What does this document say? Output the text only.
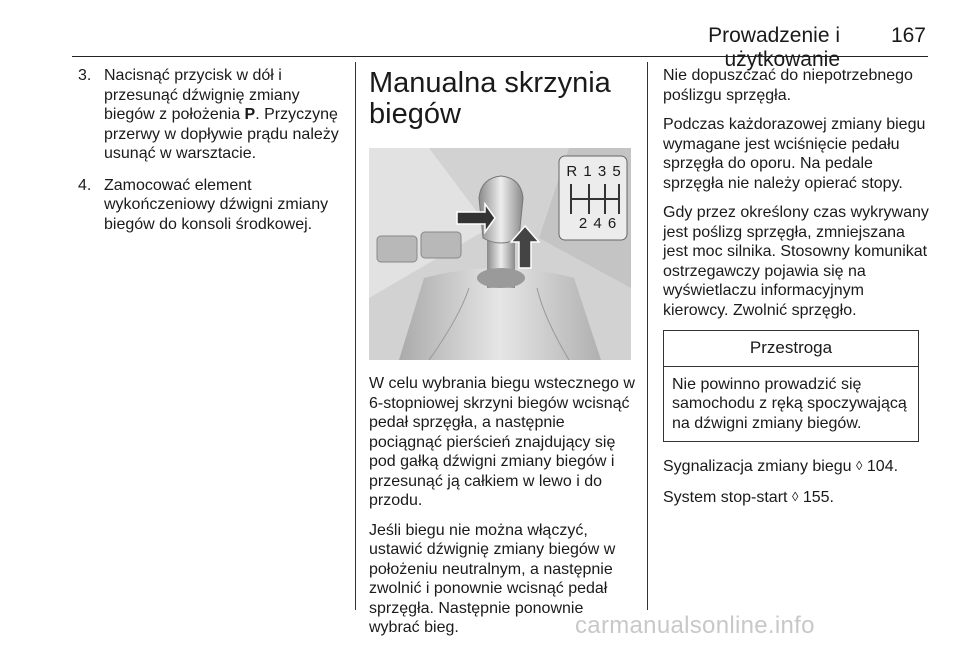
Prowadzenie i użytkowanie
167
3. Nacisnąć przycisk w dół i przesunąć dźwignię zmiany biegów z położenia P. Przyczynę przerwy w dopływie prądu należy usunąć w warsztacie.
4. Zamocować element wykończeniowy dźwigni zmiany biegów do konsoli środkowej.
Manualna skrzynia biegów
R 1 3 5
2 4 6

W celu wybrania biegu wstecznego w 6-stopniowej skrzyni biegów wcisnąć pedał sprzęgła, a następnie pociągnąć pierścień znajdujący się pod gałką dźwigni zmiany biegów i przesunąć ją całkiem w lewo i do przodu.

Jeśli biegu nie można włączyć, ustawić dźwignię zmiany biegów w położeniu neutralnym, a następnie zwolnić i ponownie wcisnąć pedał sprzęgła. Następnie ponownie wybrać bieg.

Nie dopuszczać do niepotrzebnego poślizgu sprzęgła.

Podczas każdorazowej zmiany biegu wymagane jest wciśnięcie pedału sprzęgła do oporu. Na pedale sprzęgła nie należy opierać stopy.

Gdy przez określony czas wykrywany jest poślizg sprzęgła, zmniejszana jest moc silnika. Stosowny komunikat ostrzegawczy pojawia się na wyświetlaczu informacyjnym kierowcy. Zwolnić sprzęgło.

Przestroga
Nie powinno prowadzić się samochodu z ręką spoczywającą na dźwigni zmiany biegów.

Sygnalizacja zmiany biegu ◊ 104.

System stop-start ◊ 155.

carmanualsonline.info
